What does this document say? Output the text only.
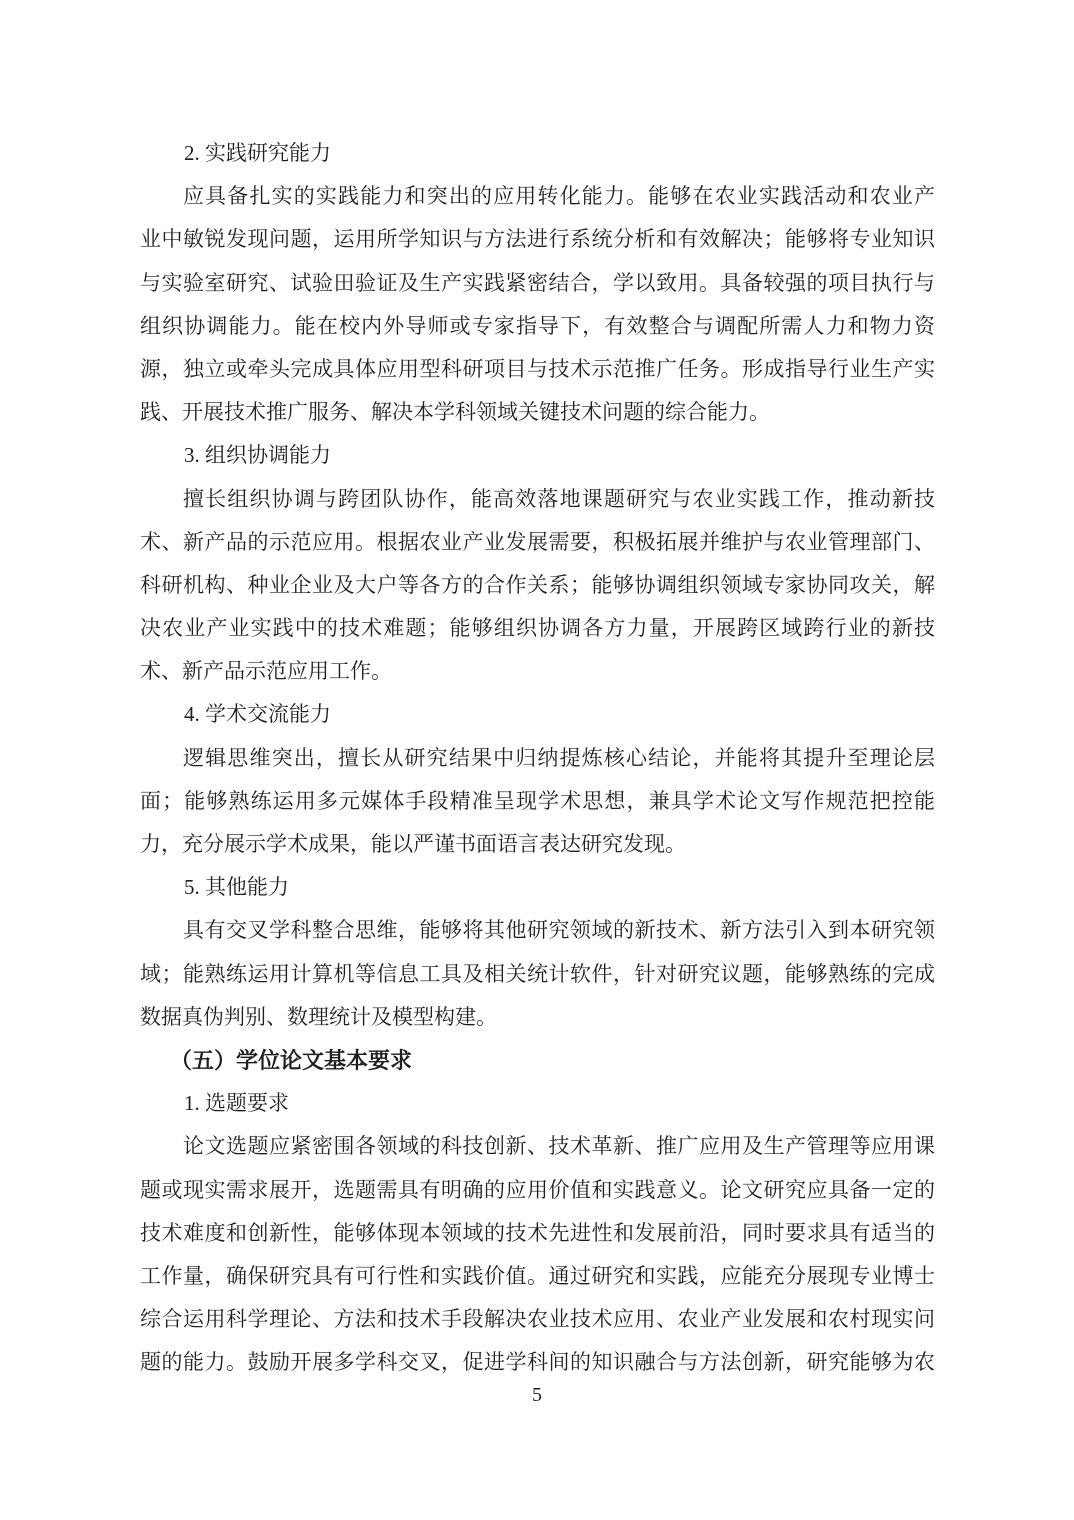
2. 实践研究能力
应具备扎实的实践能力和突出的应用转化能力。能够在农业实践活动和农业产
业中敏锐发现问题，运用所学知识与方法进行系统分析和有效解决；能够将专业知识
与实验室研究、试验田验证及生产实践紧密结合，学以致用。具备较强的项目执行与
组织协调能力。能在校内外导师或专家指导下，有效整合与调配所需人力和物力资
源，独立或牵头完成具体应用型科研项目与技术示范推广任务。形成指导行业生产实
践、开展技术推广服务、解决本学科领域关键技术问题的综合能力。
3. 组织协调能力
擅长组织协调与跨团队协作，能高效落地课题研究与农业实践工作，推动新技
术、新产品的示范应用。根据农业产业发展需要，积极拓展并维护与农业管理部门、
科研机构、种业企业及大户等各方的合作关系；能够协调组织领域专家协同攻关，解
决农业产业实践中的技术难题；能够组织协调各方力量，开展跨区域跨行业的新技
术、新产品示范应用工作。
4. 学术交流能力
逻辑思维突出，擅长从研究结果中归纳提炼核心结论，并能将其提升至理论层
面；能够熟练运用多元媒体手段精准呈现学术思想，兼具学术论文写作规范把控能
力，充分展示学术成果，能以严谨书面语言表达研究发现。
5. 其他能力
具有交叉学科整合思维，能够将其他研究领域的新技术、新方法引入到本研究领
域；能熟练运用计算机等信息工具及相关统计软件，针对研究议题，能够熟练的完成
数据真伪判别、数理统计及模型构建。
（五）学位论文基本要求
1. 选题要求
论文选题应紧密围各领域的科技创新、技术革新、推广应用及生产管理等应用课
题或现实需求展开，选题需具有明确的应用价值和实践意义。论文研究应具备一定的
技术难度和创新性，能够体现本领域的技术先进性和发展前沿，同时要求具有适当的
工作量，确保研究具有可行性和实践价值。通过研究和实践，应能充分展现专业博士
综合运用科学理论、方法和技术手段解决农业技术应用、农业产业发展和农村现实问
题的能力。鼓励开展多学科交叉，促进学科间的知识融合与方法创新，研究能够为农
5
